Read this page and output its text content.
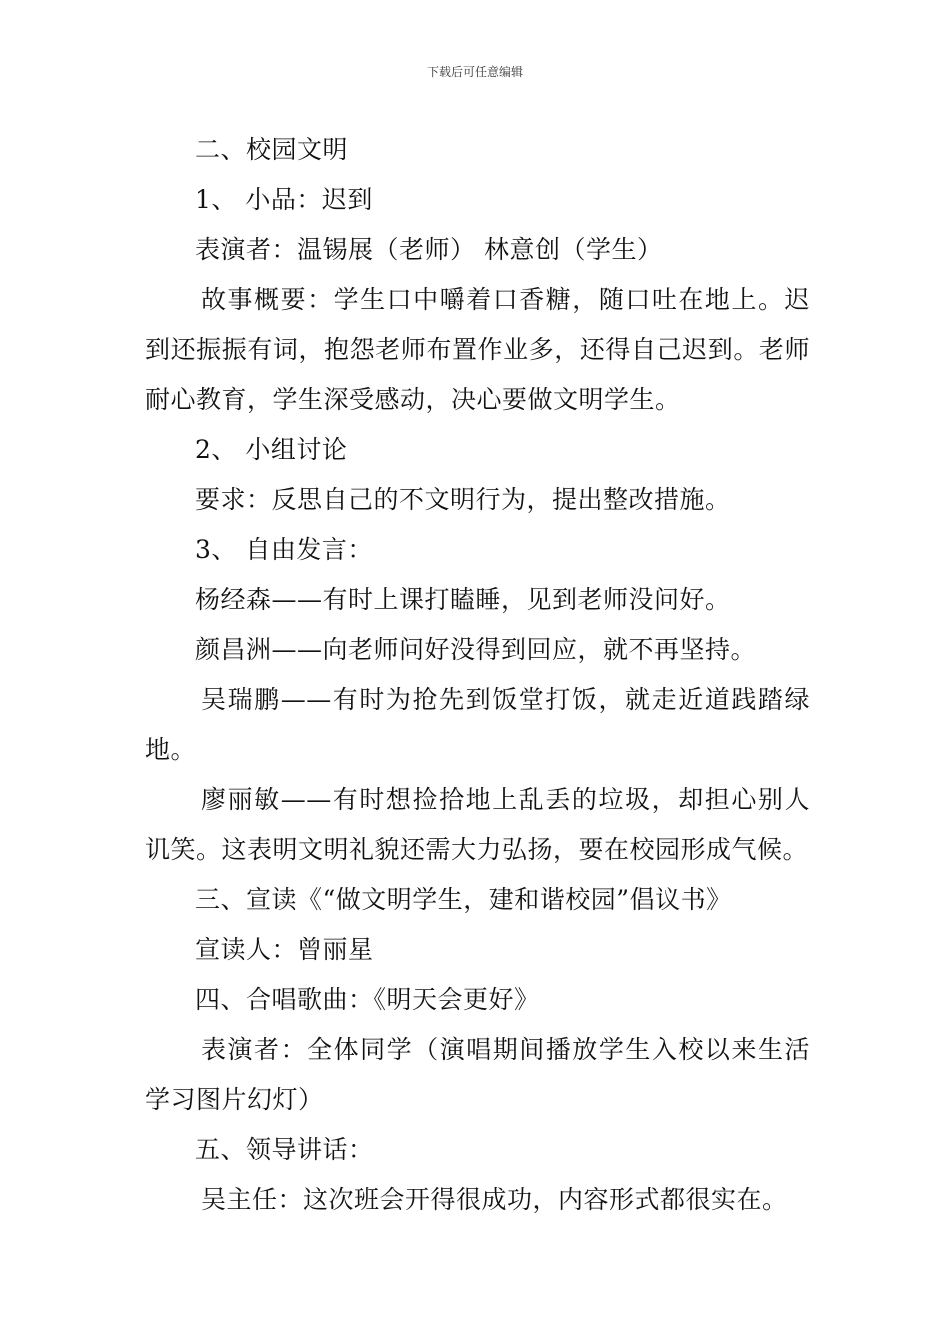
下载后可任意编辑

二、校园文明

1、 小品：迟到

表演者：温锡展（老师） 林意创（学生）

故事概要：学生口中嚼着口香糖，随口吐在地上。迟到还振振有词，抱怨老师布置作业多，还得自己迟到。老师耐心教育，学生深受感动，决心要做文明学生。

2、 小组讨论

要求：反思自己的不文明行为，提出整改措施。

3、 自由发言：

杨经森——有时上课打瞌睡，见到老师没问好。

颜昌洲——向老师问好没得到回应，就不再坚持。

吴瑞鹏——有时为抢先到饭堂打饭，就走近道践踏绿地。

廖丽敏——有时想捡拾地上乱丢的垃圾，却担心别人讥笑。这表明文明礼貌还需大力弘扬，要在校园形成气候。

三、宣读《“做文明学生，建和谐校园”倡议书》

宣读人：曾丽星

四、合唱歌曲：《明天会更好》

表演者：全体同学（演唱期间播放学生入校以来生活学习图片幻灯）

五、领导讲话：

吴主任：这次班会开得很成功，内容形式都很实在。
